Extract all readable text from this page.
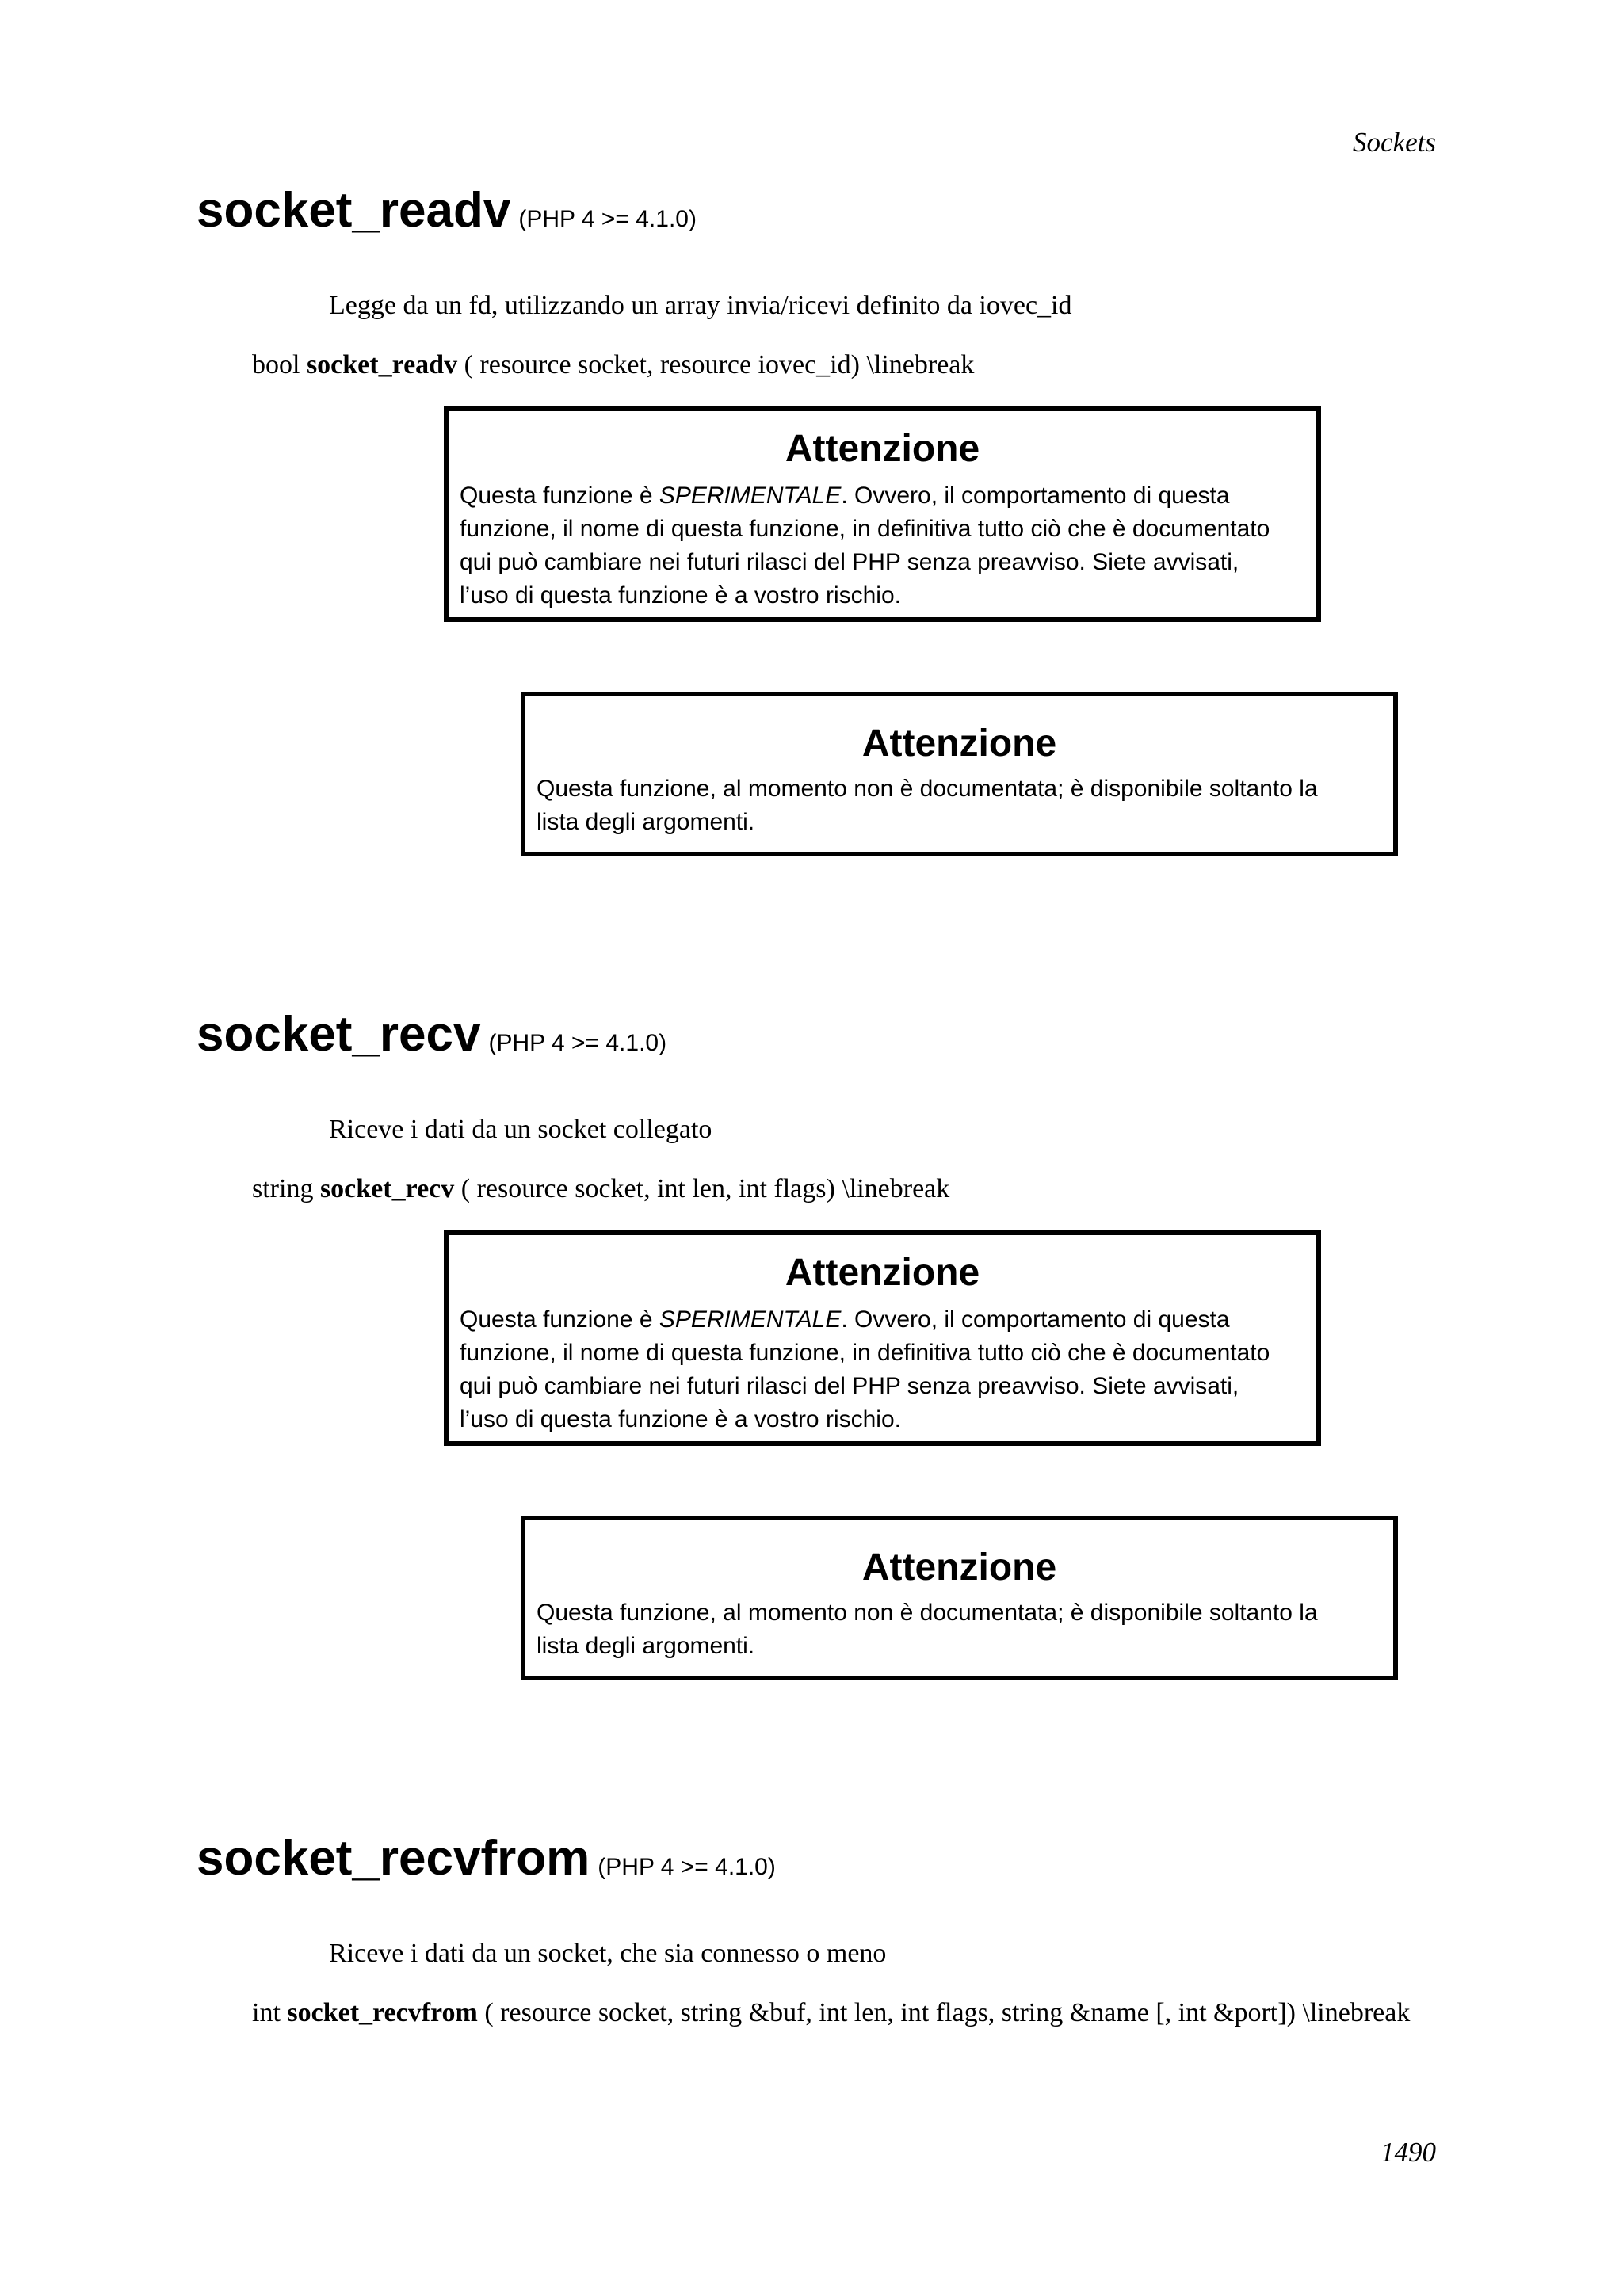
Sockets
socket_readv (PHP 4 >= 4.1.0)
Legge da un fd, utilizzando un array invia/ricevi definito da iovec_id
bool socket_readv ( resource socket, resource iovec_id) \linebreak
Attenzione
Questa funzione è SPERIMENTALE. Ovvero, il comportamento di questa
funzione, il nome di questa funzione, in definitiva tutto ciò che è documentato
qui può cambiare nei futuri rilasci del PHP senza preavviso. Siete avvisati,
l’uso di questa funzione è a vostro rischio.
Attenzione
Questa funzione, al momento non è documentata; è disponibile soltanto la
lista degli argomenti.
socket_recv (PHP 4 >= 4.1.0)
Riceve i dati da un socket collegato
string socket_recv ( resource socket, int len, int flags) \linebreak
Attenzione
Questa funzione è SPERIMENTALE. Ovvero, il comportamento di questa
funzione, il nome di questa funzione, in definitiva tutto ciò che è documentato
qui può cambiare nei futuri rilasci del PHP senza preavviso. Siete avvisati,
l’uso di questa funzione è a vostro rischio.
Attenzione
Questa funzione, al momento non è documentata; è disponibile soltanto la
lista degli argomenti.
socket_recvfrom (PHP 4 >= 4.1.0)
Riceve i dati da un socket, che sia connesso o meno
int socket_recvfrom ( resource socket, string &buf, int len, int flags, string &name [, int &port]) \linebreak
1490
